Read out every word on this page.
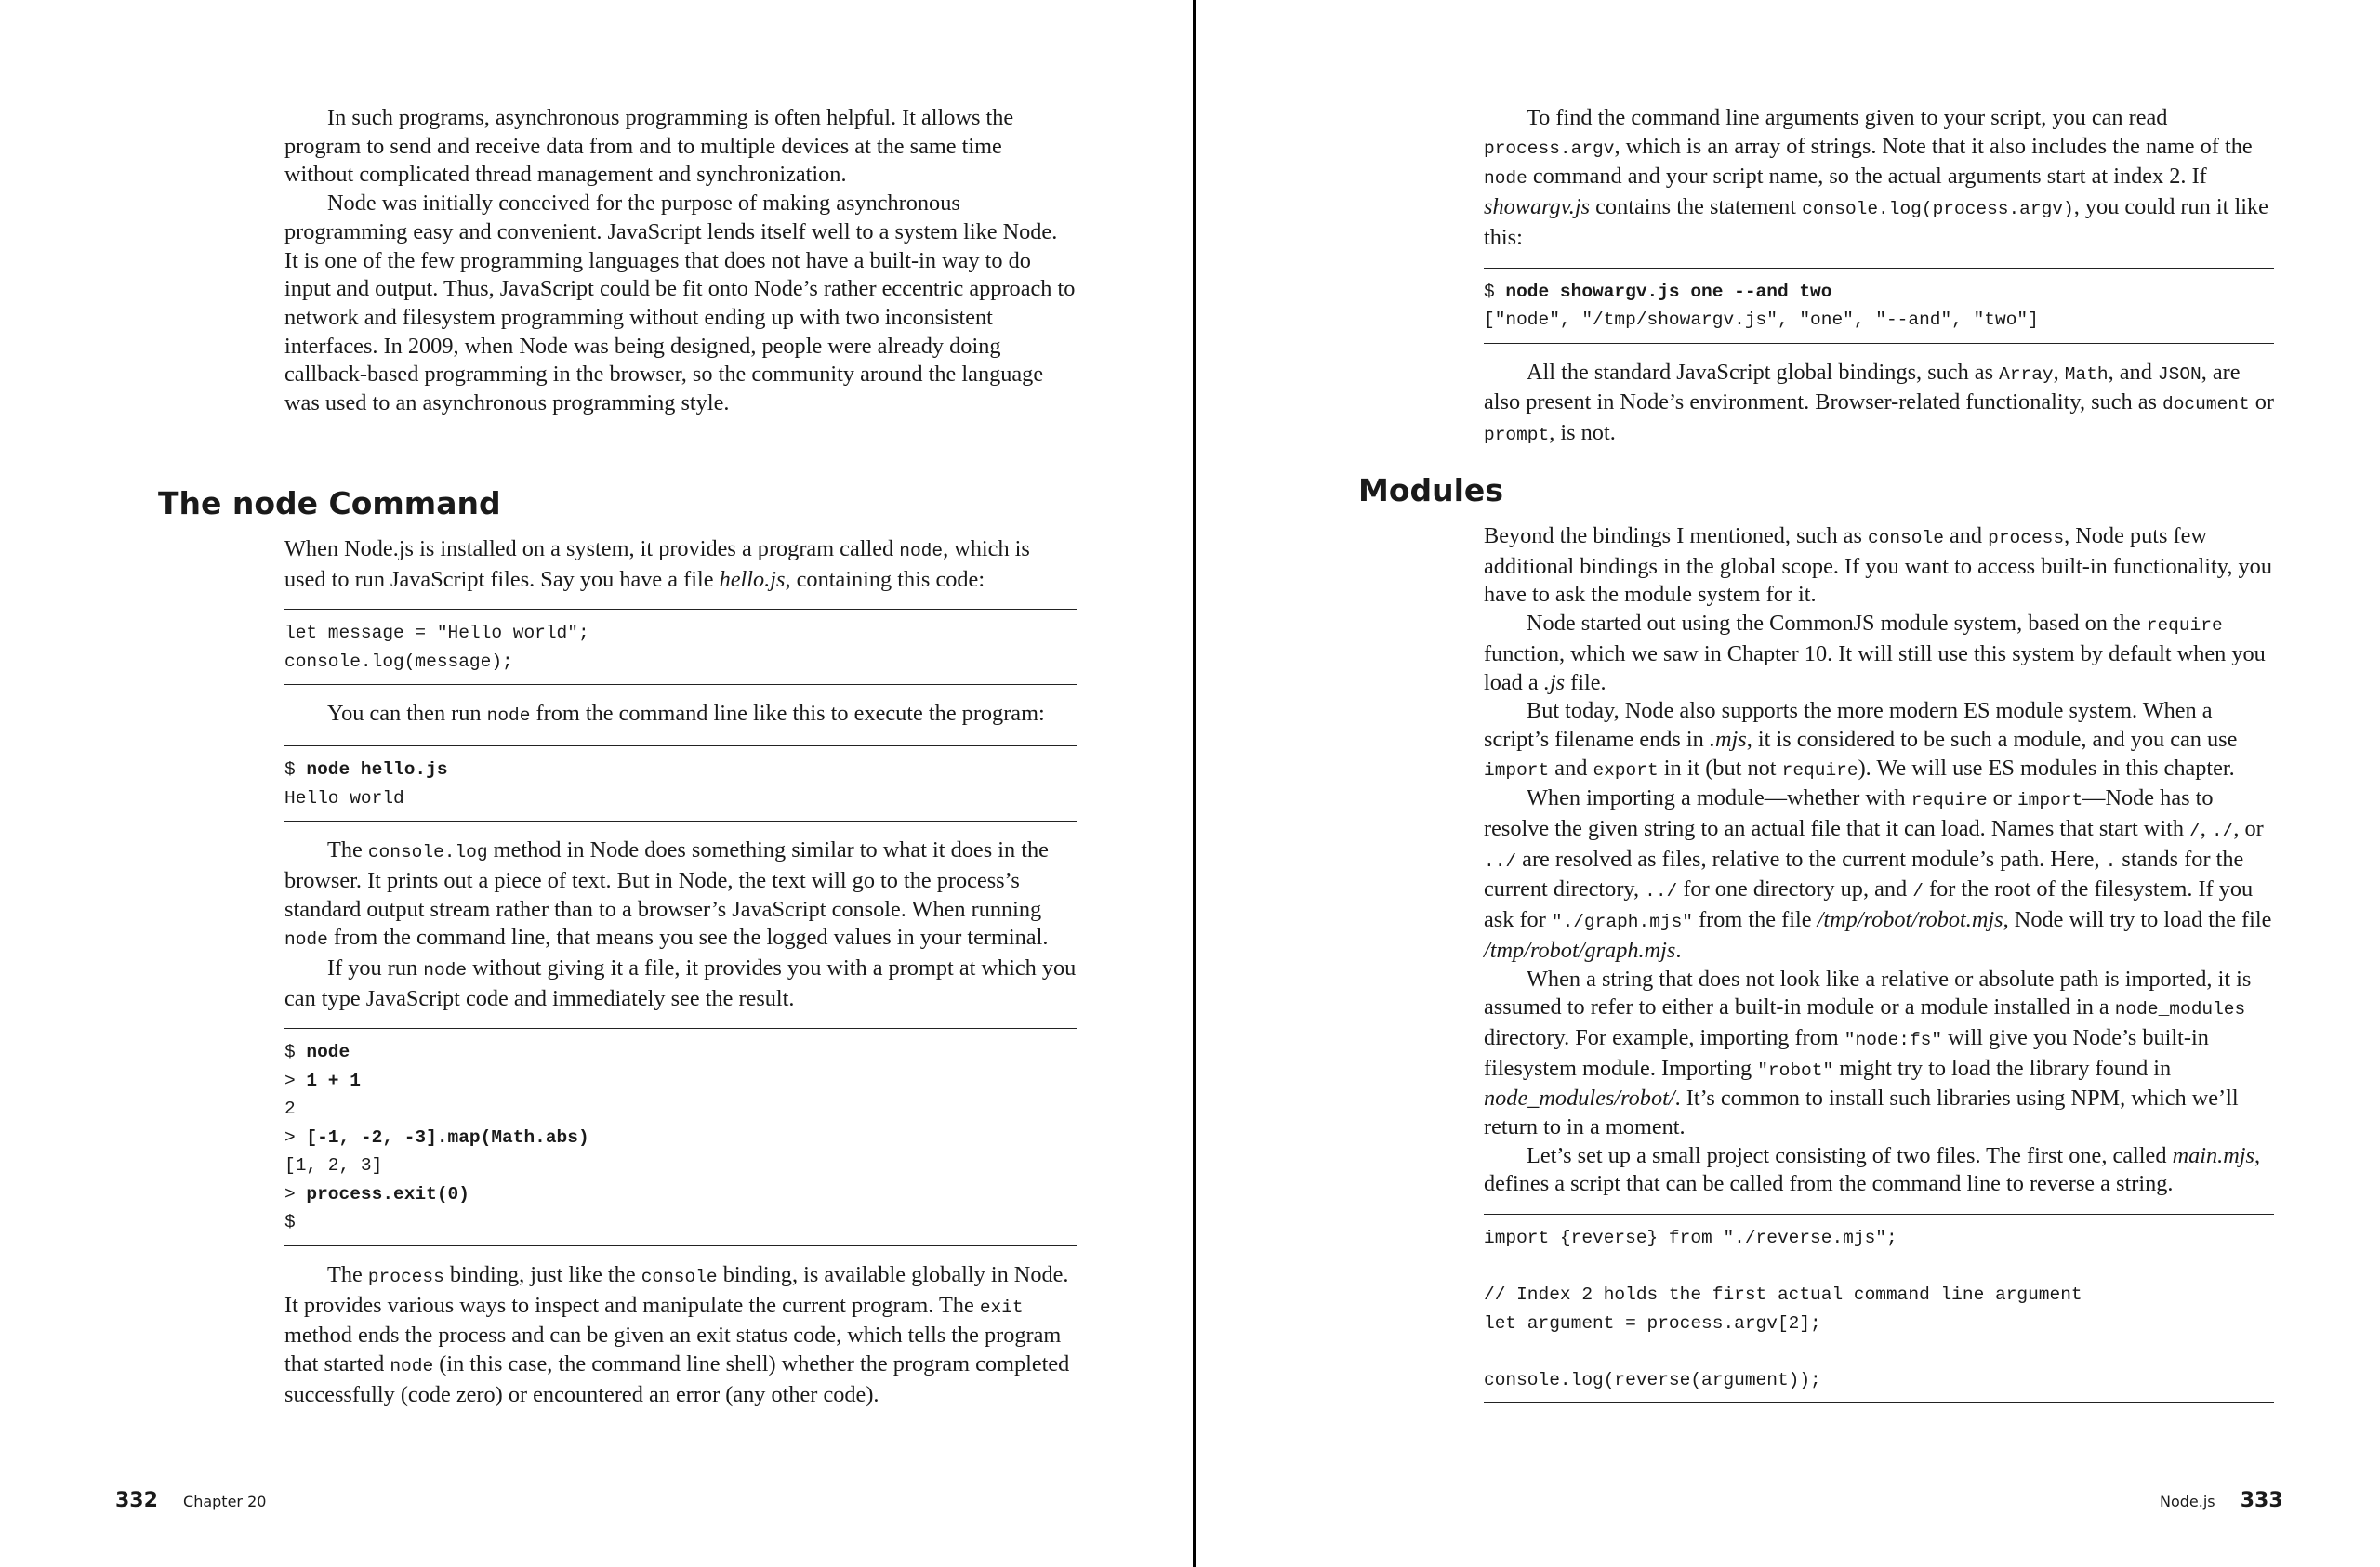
In such programs, asynchronous programming is often helpful. It allows the program to send and receive data from and to multiple devices at the same time without complicated thread management and synchronization.

Node was initially conceived for the purpose of making asynchronous programming easy and convenient. JavaScript lends itself well to a system like Node. It is one of the few programming languages that does not have a built-in way to do input and output. Thus, JavaScript could be fit onto Node’s rather eccentric approach to network and filesystem programming without ending up with two inconsistent interfaces. In 2009, when Node was being designed, people were already doing callback-based programming in the browser, so the community around the language was used to an asynchronous programming style.

The node Command

When Node.js is installed on a system, it provides a program called node, which is used to run JavaScript files. Say you have a file hello.js, containing this code:

let message = "Hello world";
console.log(message);

You can then run node from the command line like this to execute the program:

$ node hello.js
Hello world

The console.log method in Node does something similar to what it does in the browser. It prints out a piece of text. But in Node, the text will go to the process’s standard output stream rather than to a browser’s JavaScript console. When running node from the command line, that means you see the logged values in your terminal.

If you run node without giving it a file, it provides you with a prompt at which you can type JavaScript code and immediately see the result.

$ node
> 1 + 1
2
> [-1, -2, -3].map(Math.abs)
[1, 2, 3]
> process.exit(0)
$

The process binding, just like the console binding, is available globally in Node. It provides various ways to inspect and manipulate the current program. The exit method ends the process and can be given an exit status code, which tells the program that started node (in this case, the command line shell) whether the program completed successfully (code zero) or encountered an error (any other code).

332 Chapter 20

To find the command line arguments given to your script, you can read process.argv, which is an array of strings. Note that it also includes the name of the node command and your script name, so the actual arguments start at index 2. If showargv.js contains the statement console.log(process.argv), you could run it like this:

$ node showargv.js one --and two
["node", "/tmp/showargv.js", "one", "--and", "two"]

All the standard JavaScript global bindings, such as Array, Math, and JSON, are also present in Node’s environment. Browser-related functionality, such as document or prompt, is not.

Modules

Beyond the bindings I mentioned, such as console and process, Node puts few additional bindings in the global scope. If you want to access built-in functionality, you have to ask the module system for it.

Node started out using the CommonJS module system, based on the require function, which we saw in Chapter 10. It will still use this system by default when you load a .js file.

But today, Node also supports the more modern ES module system. When a script’s filename ends in .mjs, it is considered to be such a module, and you can use import and export in it (but not require). We will use ES modules in this chapter.

When importing a module—whether with require or import—Node has to resolve the given string to an actual file that it can load. Names that start with /, ./, or ../ are resolved as files, relative to the current module’s path. Here, . stands for the current directory, ../ for one directory up, and / for the root of the filesystem. If you ask for "./graph.mjs" from the file /tmp/robot/robot.mjs, Node will try to load the file /tmp/robot/graph.mjs.

When a string that does not look like a relative or absolute path is imported, it is assumed to refer to either a built-in module or a module installed in a node_modules directory. For example, importing from "node:fs" will give you Node’s built-in filesystem module. Importing "robot" might try to load the library found in node_modules/robot/. It’s common to install such libraries using NPM, which we’ll return to in a moment.

Let’s set up a small project consisting of two files. The first one, called main.mjs, defines a script that can be called from the command line to reverse a string.

import {reverse} from "./reverse.mjs";
// Index 2 holds the first actual command line argument
let argument = process.argv[2];
console.log(reverse(argument));
Node.js 333
